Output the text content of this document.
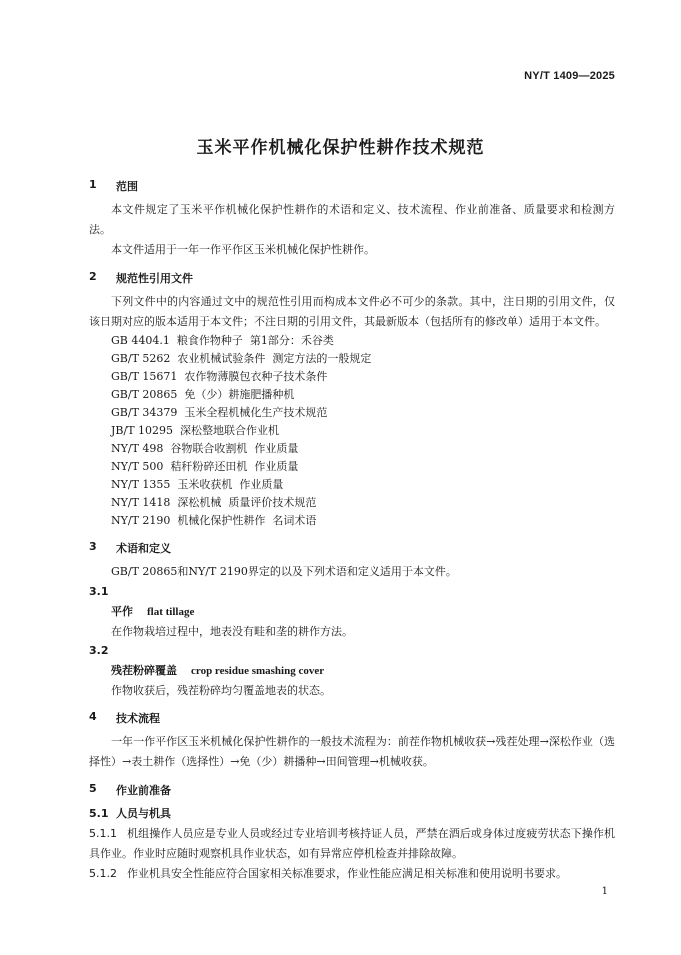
NY/T 1409—2025
玉米平作机械化保护性耕作技术规范
1	范围
本文件规定了玉米平作机械化保护性耕作的术语和定义、技术流程、作业前准备、质量要求和检测方法。
本文件适用于一年一作平作区玉米机械化保护性耕作。
2	规范性引用文件
下列文件中的内容通过文中的规范性引用而构成本文件必不可少的条款。其中，注日期的引用文件，仅该日期对应的版本适用于本文件；不注日期的引用文件，其最新版本（包括所有的修改单）适用于本文件。
GB 4404.1  粮食作物种子  第1部分：禾谷类
GB/T 5262  农业机械试验条件  测定方法的一般规定
GB/T 15671  农作物薄膜包衣种子技术条件
GB/T 20865  免（少）耕施肥播种机
GB/T 34379  玉米全程机械化生产技术规范
JB/T 10295  深松整地联合作业机
NY/T 498  谷物联合收割机  作业质量
NY/T 500  秸秆粉碎还田机  作业质量
NY/T 1355  玉米收获机  作业质量
NY/T 1418  深松机械  质量评价技术规范
NY/T 2190  机械化保护性耕作  名词术语
3	术语和定义
GB/T 20865和NY/T 2190界定的以及下列术语和定义适用于本文件。
3.1
平作 flat tillage
在作物栽培过程中，地表没有畦和垄的耕作方法。
3.2
残茬粉碎覆盖 crop residue smashing cover
作物收获后，残茬粉碎均匀覆盖地表的状态。
4	技术流程
一年一作平作区玉米机械化保护性耕作的一般技术流程为：前茬作物机械收获→残茬处理→深松作业（选择性）→表土耕作（选择性）→免（少）耕播种→田间管理→机械收获。
5	作业前准备
5.1 人员与机具
5.1.1 机组操作人员应是专业人员或经过专业培训考核持证人员，严禁在酒后或身体过度疲劳状态下操作机具作业。作业时应随时观察机具作业状态，如有异常应停机检查并排除故障。
5.1.2 作业机具安全性能应符合国家相关标准要求，作业性能应满足相关标准和使用说明书要求。
1
